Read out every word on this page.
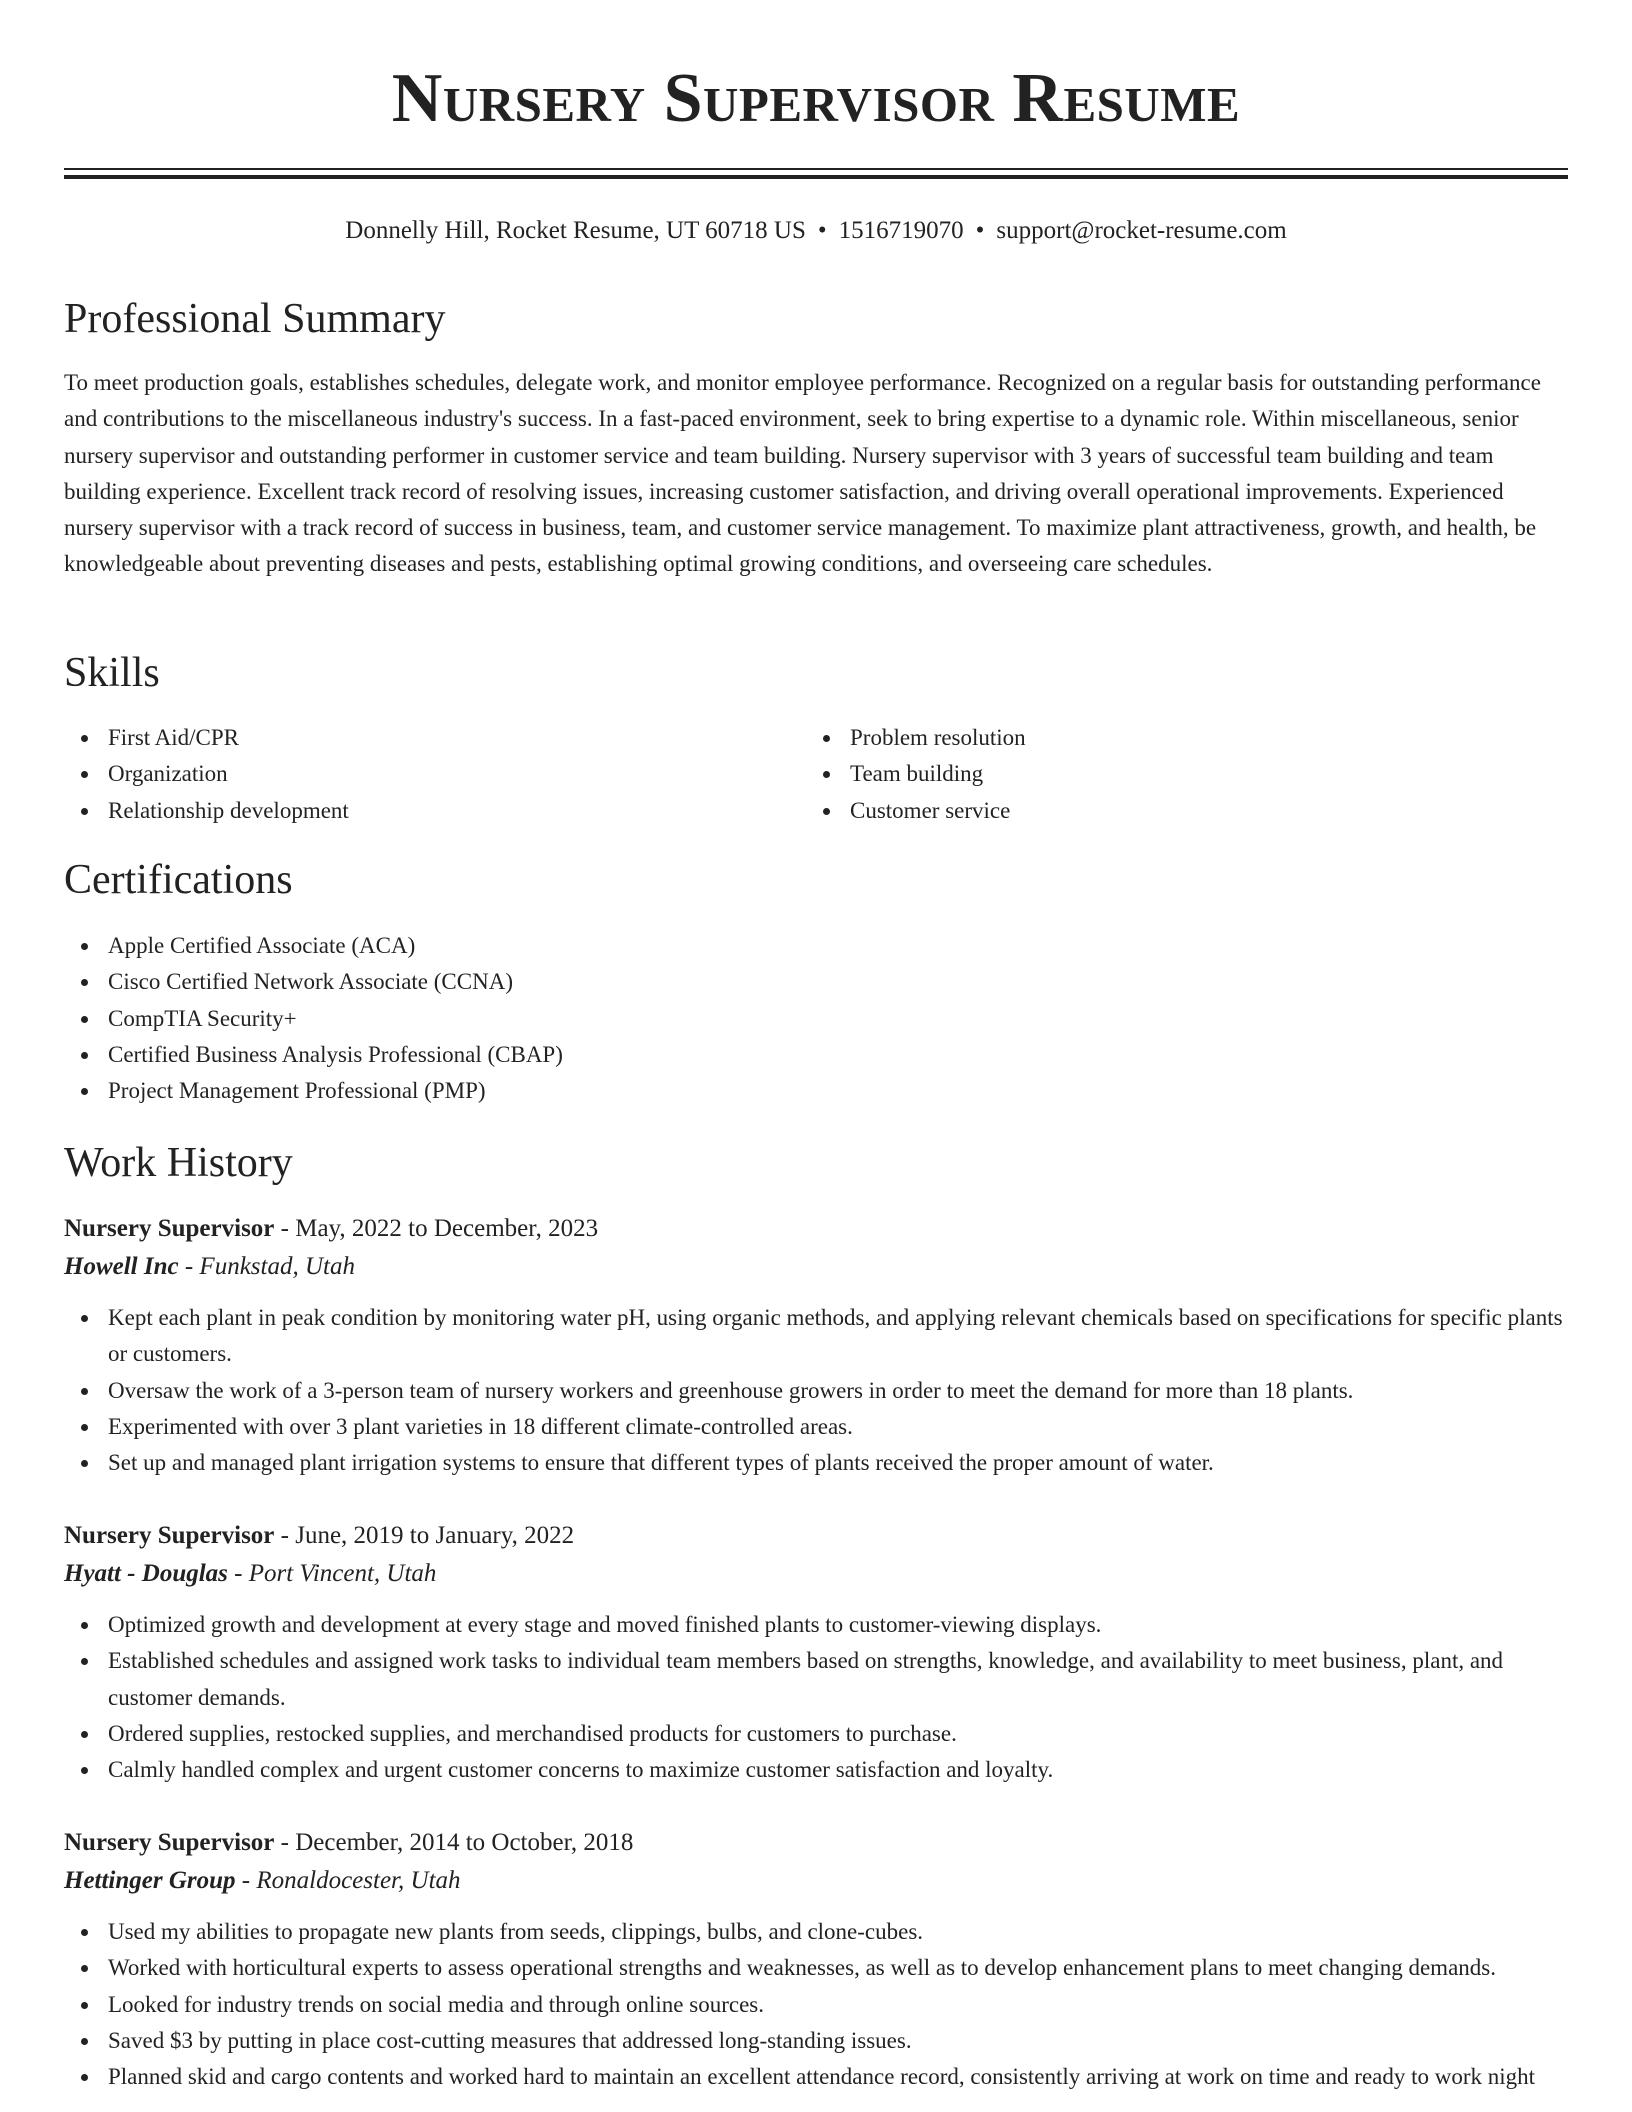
Nursery Supervisor Resume
Donnelly Hill, Rocket Resume, UT 60718 US • 1516719070 • support@rocket-resume.com
Professional Summary

To meet production goals, establishes schedules, delegate work, and monitor employee performance. Recognized on a regular basis for outstanding performance and contributions to the miscellaneous industry's success. In a fast-paced environment, seek to bring expertise to a dynamic role. Within miscellaneous, senior nursery supervisor and outstanding performer in customer service and team building. Nursery supervisor with 3 years of successful team building and team building experience. Excellent track record of resolving issues, increasing customer satisfaction, and driving overall operational improvements. Experienced nursery supervisor with a track record of success in business, team, and customer service management. To maximize plant attractiveness, growth, and health, be knowledgeable about preventing diseases and pests, establishing optimal growing conditions, and overseeing care schedules.

Skills
First Aid/CPR
Organization
Relationship development
Problem resolution
Team building
Customer service
Certifications
Apple Certified Associate (ACA)
Cisco Certified Network Associate (CCNA)
CompTIA Security+
Certified Business Analysis Professional (CBAP)
Project Management Professional (PMP)
Work History
Nursery Supervisor - May, 2022 to December, 2023
Howell Inc - Funkstad, Utah
Kept each plant in peak condition by monitoring water pH, using organic methods, and applying relevant chemicals based on specifications for specific plants or customers.
Oversaw the work of a 3-person team of nursery workers and greenhouse growers in order to meet the demand for more than 18 plants.
Experimented with over 3 plant varieties in 18 different climate-controlled areas.
Set up and managed plant irrigation systems to ensure that different types of plants received the proper amount of water.
Nursery Supervisor - June, 2019 to January, 2022
Hyatt - Douglas - Port Vincent, Utah
Optimized growth and development at every stage and moved finished plants to customer-viewing displays.
Established schedules and assigned work tasks to individual team members based on strengths, knowledge, and availability to meet business, plant, and customer demands.
Ordered supplies, restocked supplies, and merchandised products for customers to purchase.
Calmly handled complex and urgent customer concerns to maximize customer satisfaction and loyalty.
Nursery Supervisor - December, 2014 to October, 2018
Hettinger Group - Ronaldocester, Utah
Used my abilities to propagate new plants from seeds, clippings, bulbs, and clone-cubes.
Worked with horticultural experts to assess operational strengths and weaknesses, as well as to develop enhancement plans to meet changing demands.
Looked for industry trends on social media and through online sources.
Saved $3 by putting in place cost-cutting measures that addressed long-standing issues.
Planned skid and cargo contents and worked hard to maintain an excellent attendance record, consistently arriving at work on time and ready to work night
